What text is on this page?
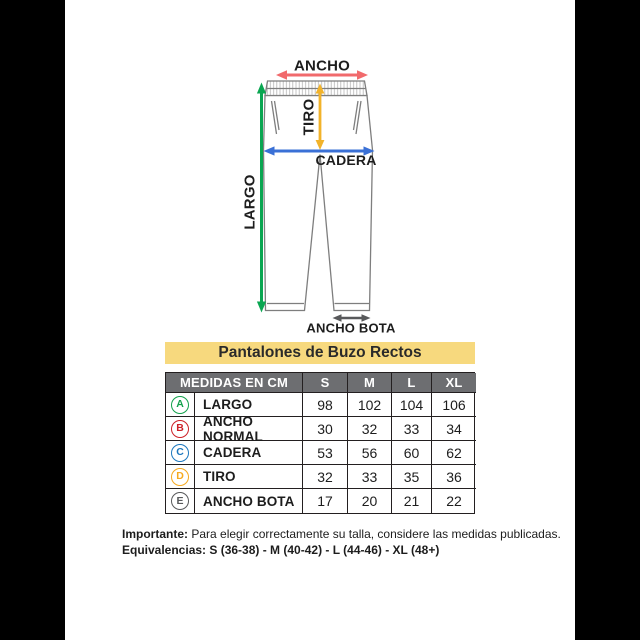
ANCHO
TIRO
CADERA
LARGO
ANCHO BOTA
Pantalones de Buzo Rectos
MEDIDAS EN CM	S	M	L	XL
A	LARGO	98	102	104	106
B	ANCHO NORMAL	30	32	33	34
C	CADERA	53	56	60	62
D	TIRO	32	33	35	36
E	ANCHO BOTA	17	20	21	22
Importante: Para elegir correctamente su talla, considere las medidas publicadas.
Equivalencias: S (36-38) - M (40-42) - L (44-46) - XL (48+)
